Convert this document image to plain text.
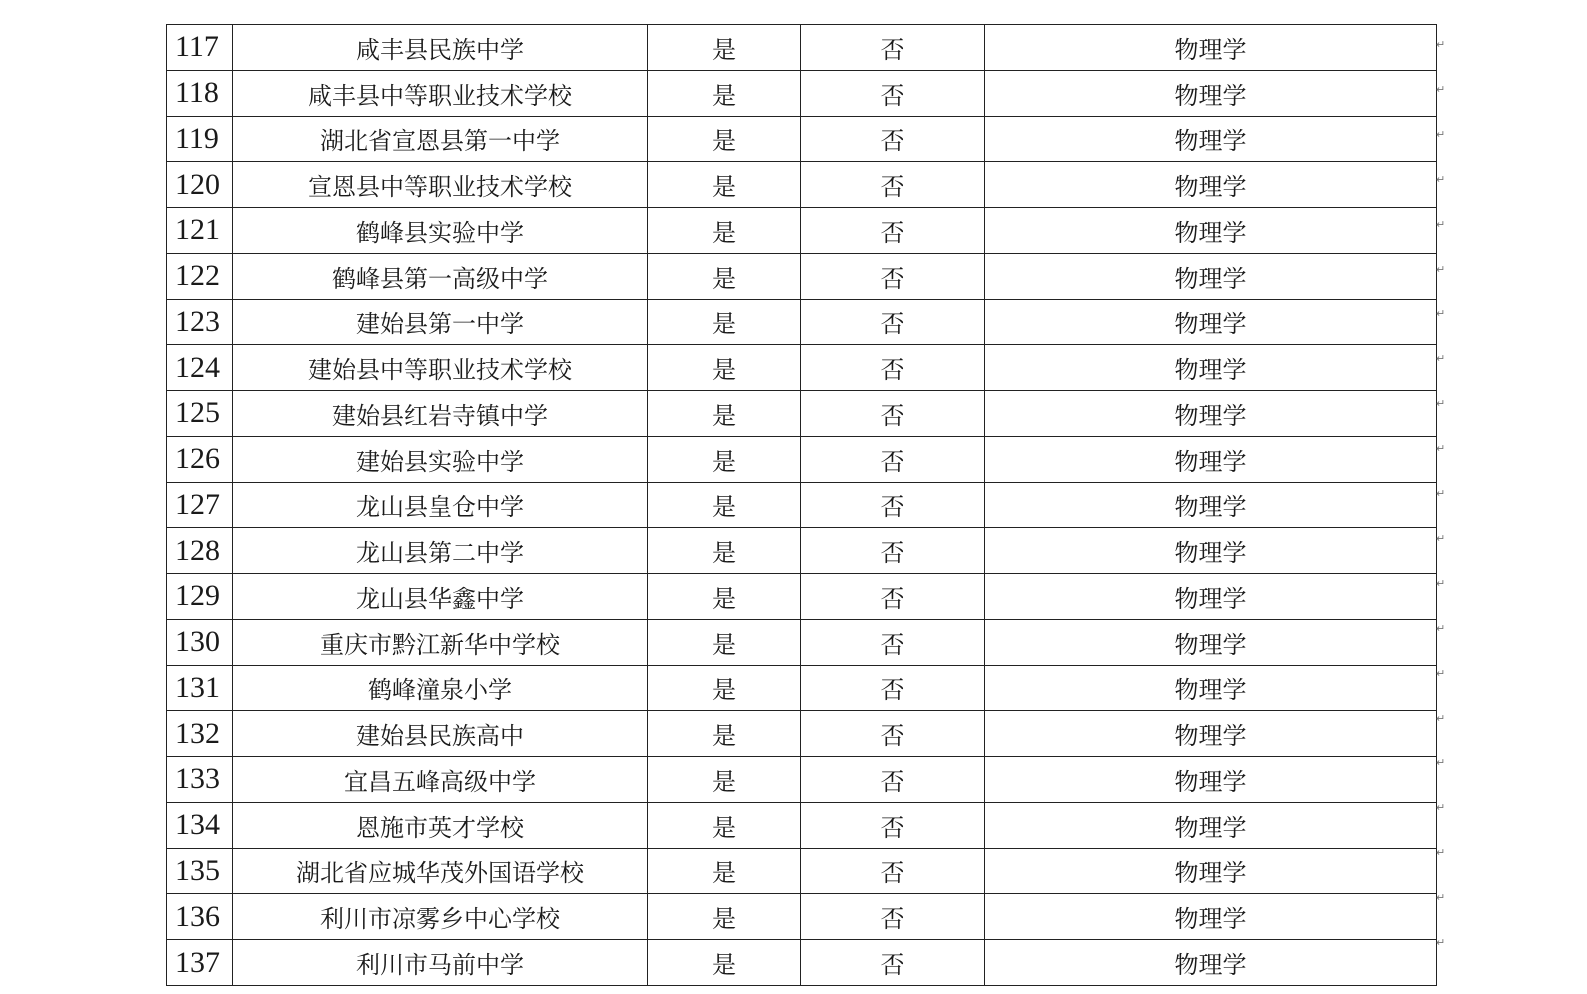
117	咸丰县民族中学	是	否	物理学
118	咸丰县中等职业技术学校	是	否	物理学
119	湖北省宣恩县第一中学	是	否	物理学
120	宣恩县中等职业技术学校	是	否	物理学
121	鹤峰县实验中学	是	否	物理学
122	鹤峰县第一高级中学	是	否	物理学
123	建始县第一中学	是	否	物理学
124	建始县中等职业技术学校	是	否	物理学
125	建始县红岩寺镇中学	是	否	物理学
126	建始县实验中学	是	否	物理学
127	龙山县皇仓中学	是	否	物理学
128	龙山县第二中学	是	否	物理学
129	龙山县华鑫中学	是	否	物理学
130	重庆市黔江新华中学校	是	否	物理学
131	鹤峰潼泉小学	是	否	物理学
132	建始县民族高中	是	否	物理学
133	宜昌五峰高级中学	是	否	物理学
134	恩施市英才学校	是	否	物理学
135	湖北省应城华茂外国语学校	是	否	物理学
136	利川市凉雾乡中心学校	是	否	物理学
137	利川市马前中学	是	否	物理学
↵
↵
↵
↵
↵
↵
↵
↵
↵
↵
↵
↵
↵
↵
↵
↵
↵
↵
↵
↵
↵
